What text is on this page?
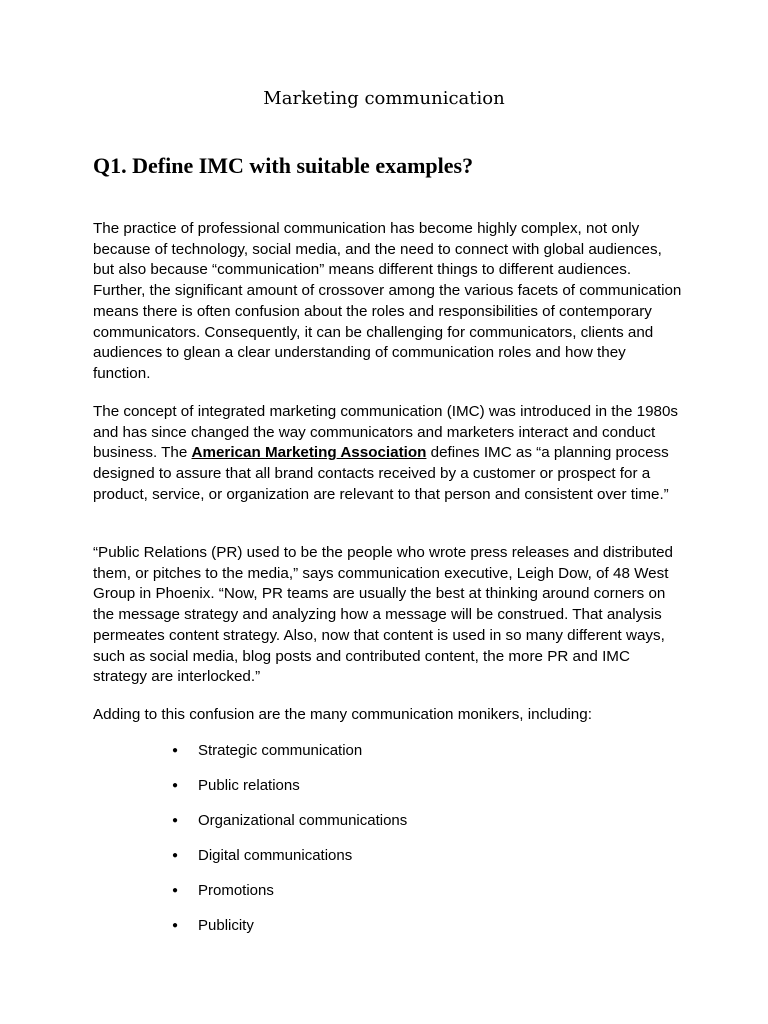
Marketing communication
Q1. Define IMC with suitable examples?

The practice of professional communication has become highly complex, not only because of technology, social media, and the need to connect with global audiences, but also because “communication” means different things to different audiences. Further, the significant amount of crossover among the various facets of communication means there is often confusion about the roles and responsibilities of contemporary communicators. Consequently, it can be challenging for communicators, clients and audiences to glean a clear understanding of communication roles and how they function.

The concept of integrated marketing communication (IMC) was introduced in the 1980s and has since changed the way communicators and marketers interact and conduct business. The American Marketing Association defines IMC as “a planning process designed to assure that all brand contacts received by a customer or prospect for a product, service, or organization are relevant to that person and consistent over time.”

“Public Relations (PR) used to be the people who wrote press releases and distributed them, or pitches to the media,” says communication executive, Leigh Dow, of 48 West Group in Phoenix. “Now, PR teams are usually the best at thinking around corners on the message strategy and analyzing how a message will be construed. That analysis permeates content strategy. Also, now that content is used in so many different ways, such as social media, blog posts and contributed content, the more PR and IMC strategy are interlocked.”

Adding to this confusion are the many communication monikers, including:

●	Strategic communication
●	Public relations
●	Organizational communications
●	Digital communications
●	Promotions
●	Publicity
